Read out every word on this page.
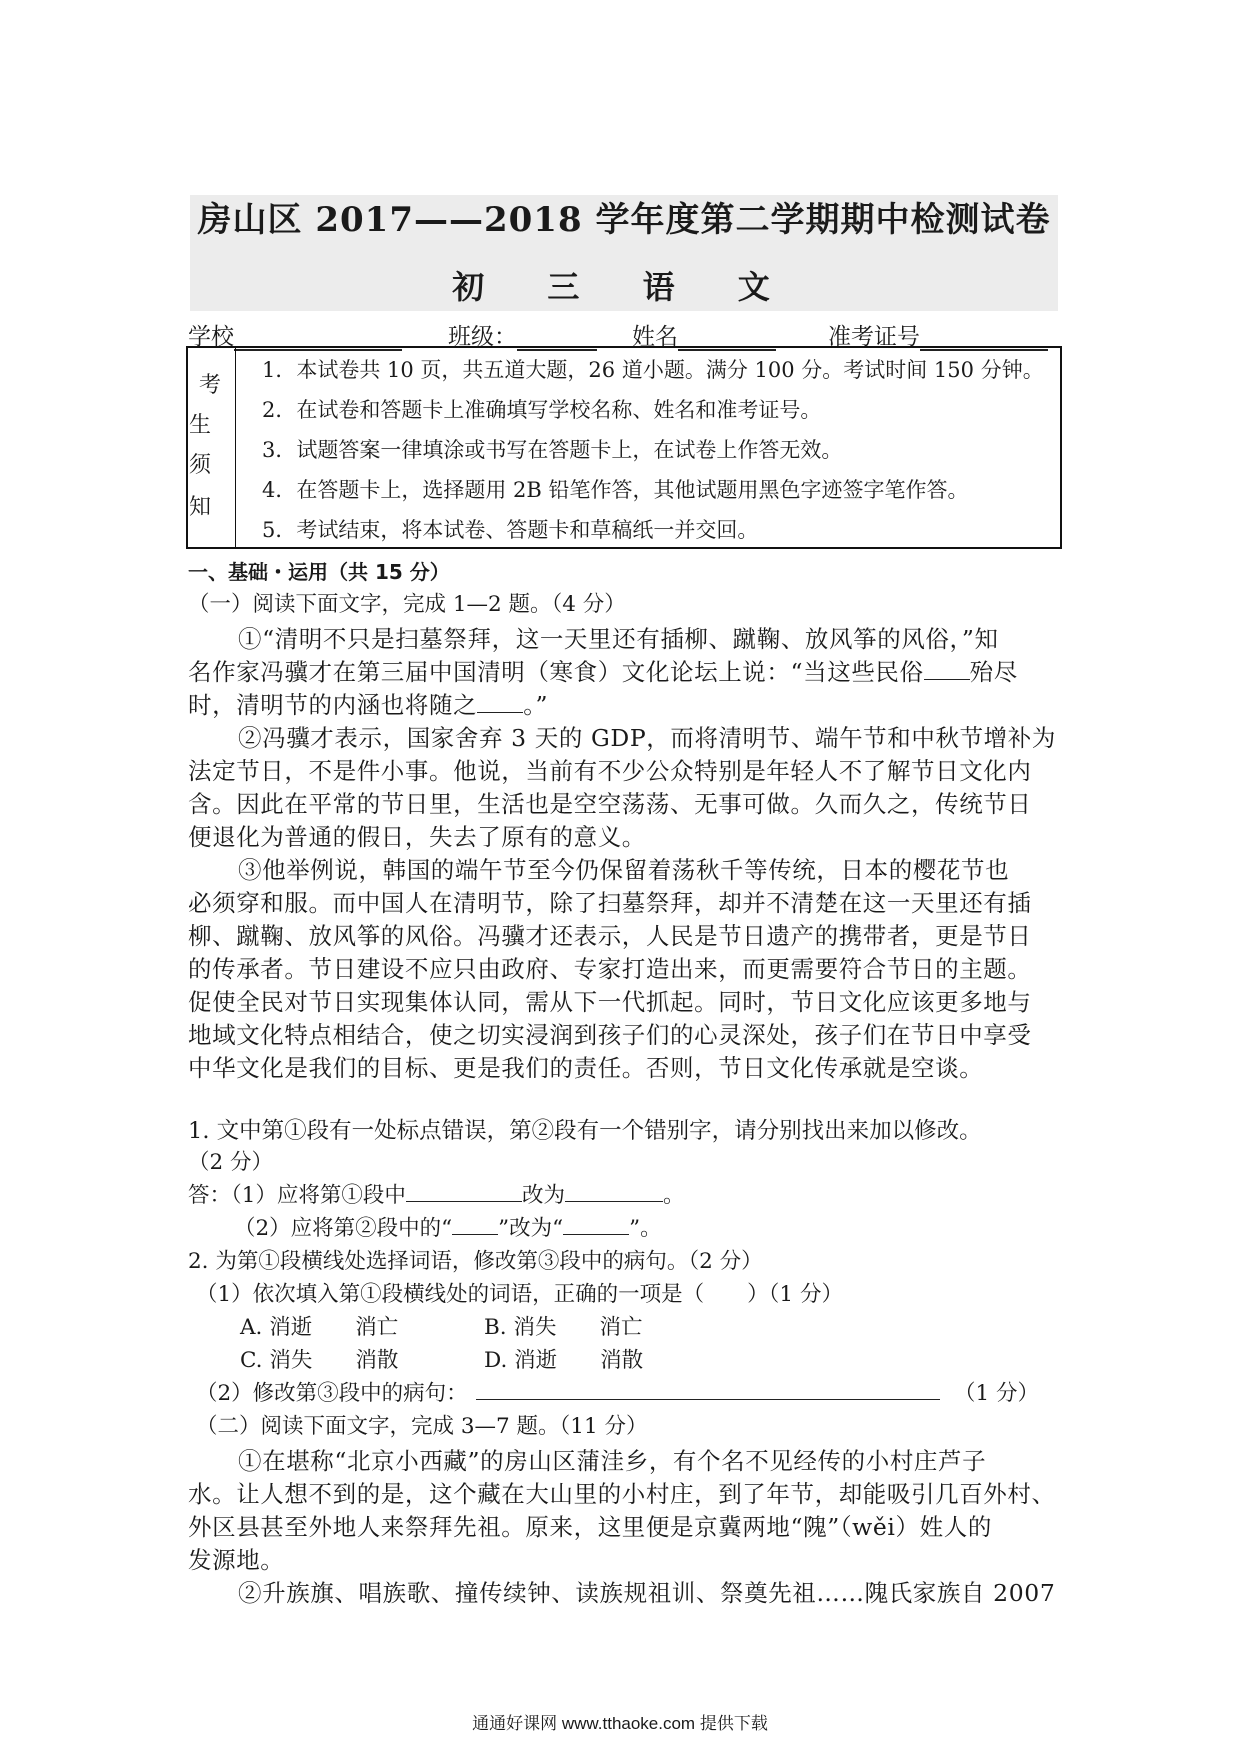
房山区 2017——2018 学年度第二学期期中检测试卷
初 三 语 文
学校	班级：	姓名	准考证号
考
生
须
知
1．本试卷共 10 页，共五道大题，26 道小题。满分 100 分。考试时间 150 分钟。
2．在试卷和答题卡上准确填写学校名称、姓名和准考证号。
3．试题答案一律填涂或书写在答题卡上，在试卷上作答无效。
4．在答题卡上，选择题用 2B 铅笔作答，其他试题用黑色字迹签字笔作答。
5．考试结束，将本试卷、答题卡和草稿纸一并交回。
一、基础・运用（共 15 分）
（一）阅读下面文字，完成 1—2 题。（4 分）
①“清明不只是扫墓祭拜，这一天里还有插柳、蹴鞠、放风筝的风俗，”知
名作家冯骥才在第三届中国清明（寒食）文化论坛上说：“当这些民俗 殆尽
时，清明节的内涵也将随之 。”
②冯骥才表示，国家舍弃 3 天的 GDP，而将清明节、端午节和中秋节增补为
法定节日，不是件小事。他说，当前有不少公众特别是年轻人不了解节日文化内
含。因此在平常的节日里，生活也是空空荡荡、无事可做。久而久之，传统节日
便退化为普通的假日，失去了原有的意义。
③他举例说，韩国的端午节至今仍保留着荡秋千等传统，日本的樱花节也
必须穿和服。而中国人在清明节，除了扫墓祭拜，却并不清楚在这一天里还有插
柳、蹴鞠、放风筝的风俗。冯骥才还表示，人民是节日遗产的携带者，更是节日
的传承者。节日建设不应只由政府、专家打造出来，而更需要符合节日的主题。
促使全民对节日实现集体认同，需从下一代抓起。同时，节日文化应该更多地与
地域文化特点相结合，使之切实浸润到孩子们的心灵深处，孩子们在节日中享受
中华文化是我们的目标、更是我们的责任。否则，节日文化传承就是空谈。
1. 文中第①段有一处标点错误，第②段有一个错别字，请分别找出来加以修改。
（2 分）
答：（1）应将第①段中	改为	。
（2）应将第②段中的“ ”改为“	”。
2. 为第①段横线处选择词语，修改第③段中的病句。（2 分）
（1）依次填入第①段横线处的词语，正确的一项是（　　）（1 分）
A. 消逝　　消亡	B. 消失　　消亡
C. 消失　　消散	D. 消逝　　消散
（2）修改第③段中的病句：	（1 分）
（二）阅读下面文字，完成 3—7 题。（11 分）
①在堪称“北京小西藏”的房山区蒲洼乡，有个名不见经传的小村庄芦子
水。让人想不到的是，这个藏在大山里的小村庄，到了年节，却能吸引几百外村、
外区县甚至外地人来祭拜先祖。原来，这里便是京冀两地“隗”（wěi）姓人的
发源地。
②升族旗、唱族歌、撞传续钟、读族规祖训、祭奠先祖……隗氏家族自 2007
通通好课网 www.tthaoke.com 提供下载
